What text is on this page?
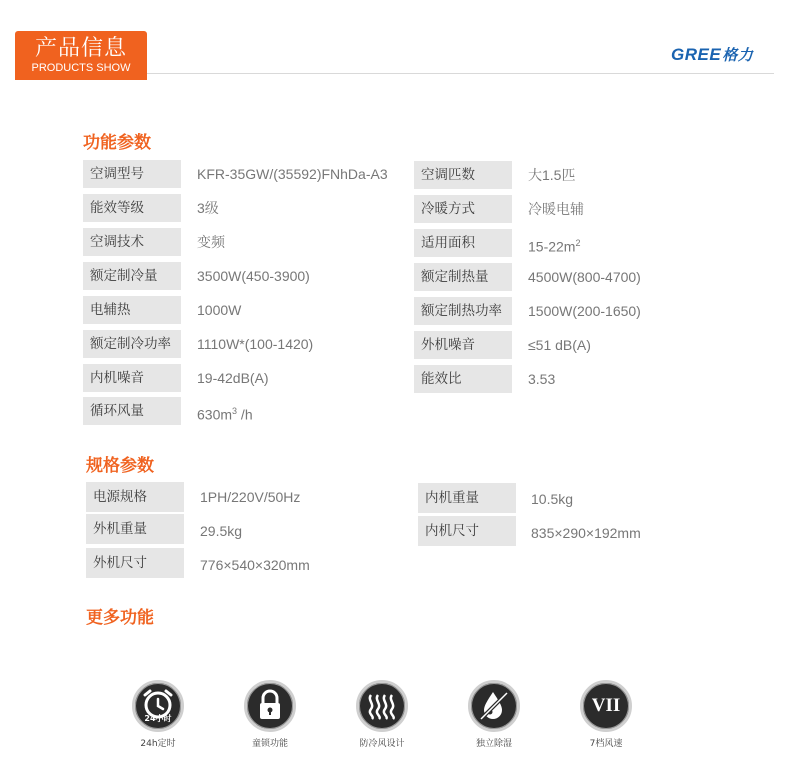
产品信息
PRODUCTS SHOW
GREE格力
功能参数
空调型号	KFR-35GW/(35592)FNhDa-A3	空调匹数	大1.5匹
能效等级	3级	冷暖方式	冷暖电辅
空调技术	变频	适用面积	$15-22m^2$
额定制冷量	3500W(450-3900)	额定制热量	4500W(800-4700)
电辅热	1000W	额定制热功率	1500W(200-1650)
额定制冷功率	1110W*(100-1420)	外机噪音	≤51 dB(A)
内机噪音	19-42dB(A)	能效比	3.53
循环风量	$630m^3$ /h
规格参数
电源规格	1PH/220V/50Hz	内机重量	10.5kg
外机重量	29.5kg	内机尺寸	835×290×192mm
外机尺寸	776×540×320mm
更多功能
24小时
24h定时	童锁功能	防冷风设计	独立除湿
VII
7档风速
